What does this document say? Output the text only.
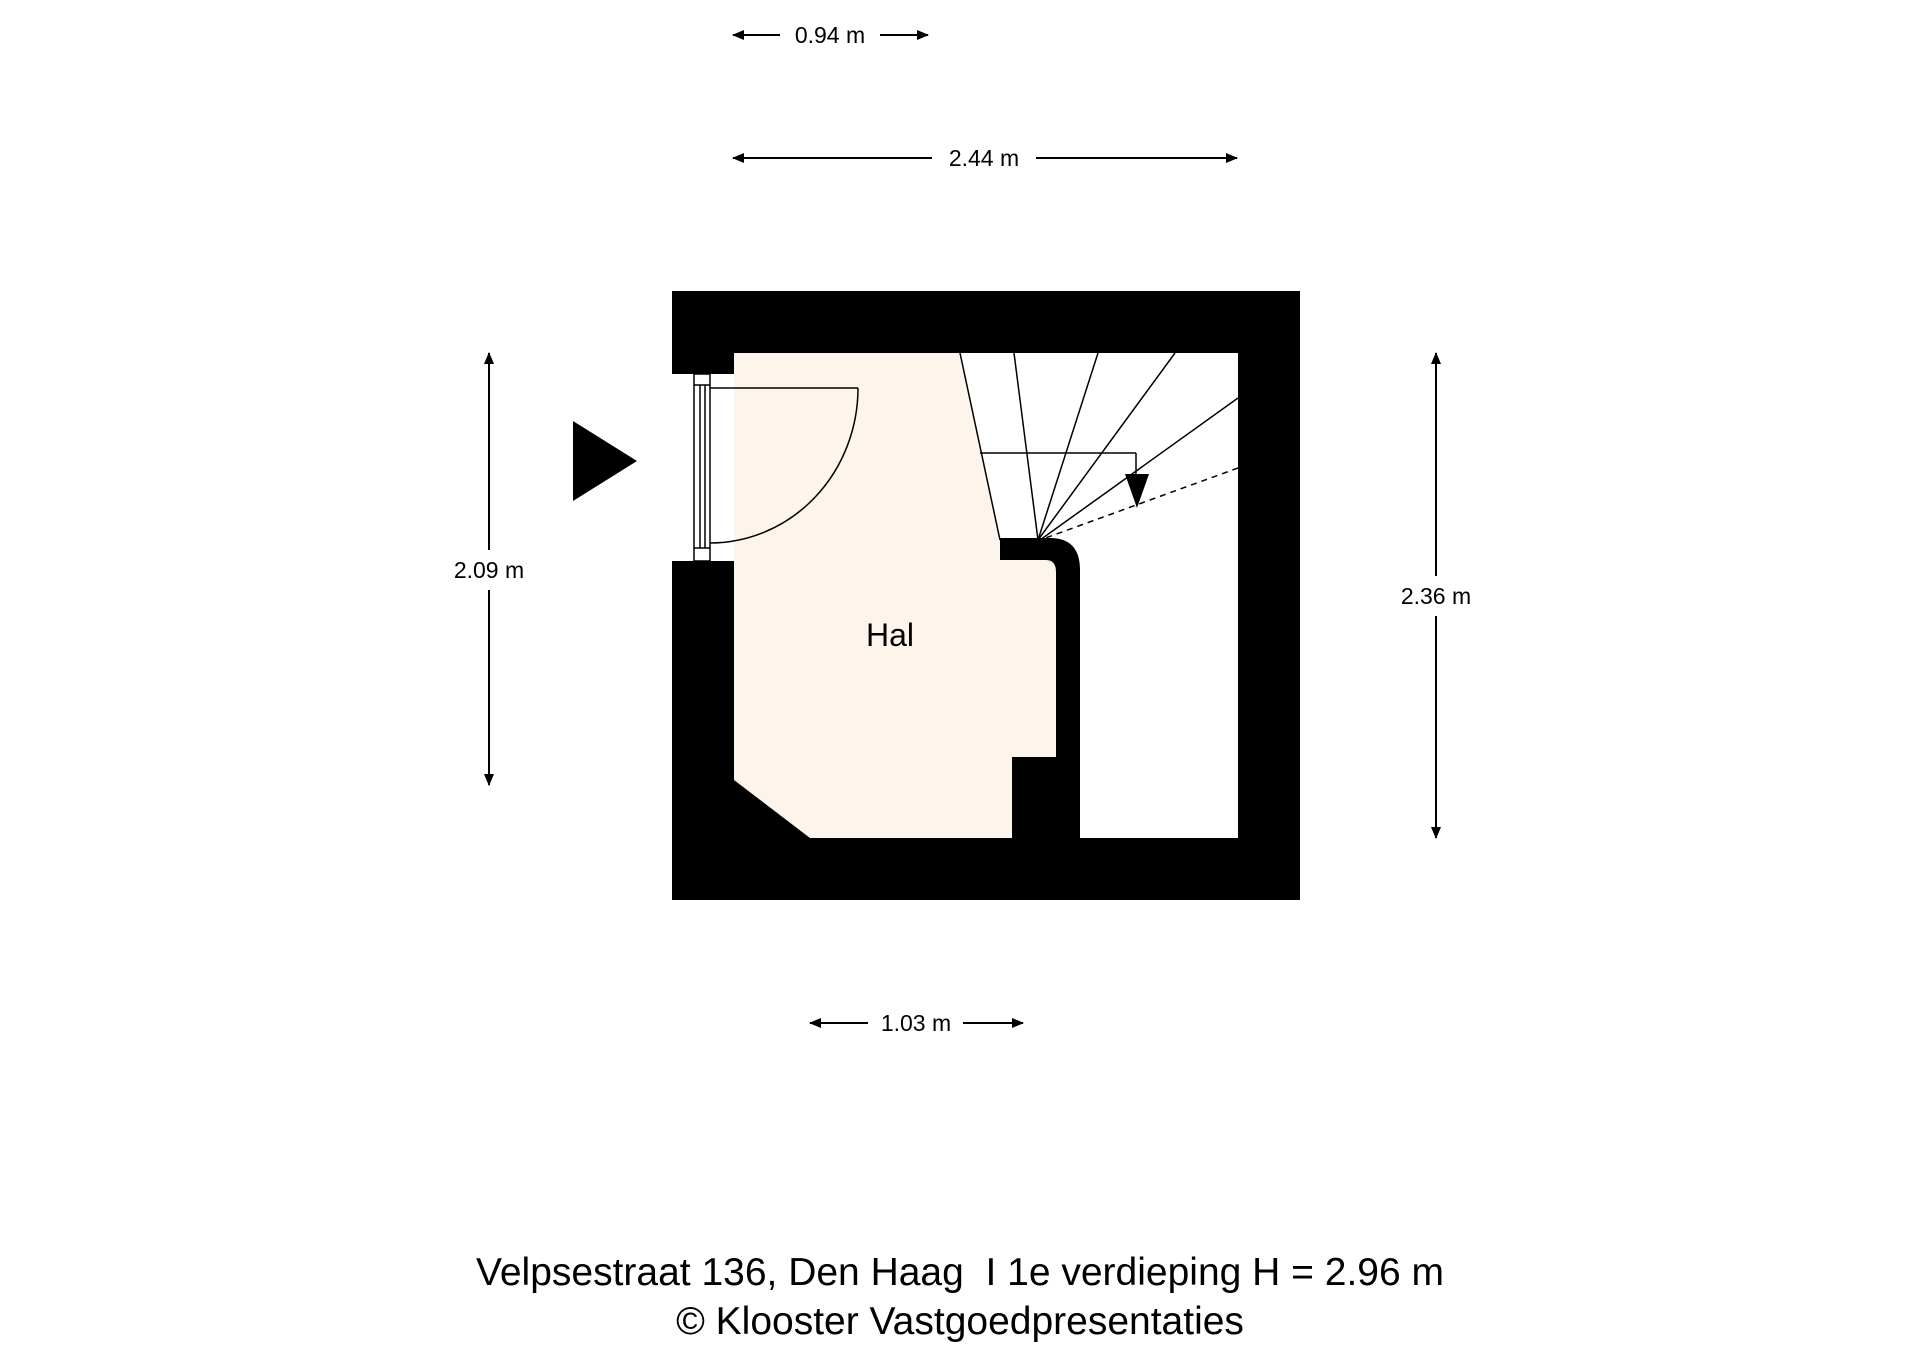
0.94 m
2.44 m
2.09 m
2.36 m
1.03 m
Hal
Velpsestraat 136, Den Haag  I 1e verdieping H = 2.96 m
© Klooster Vastgoedpresentaties
